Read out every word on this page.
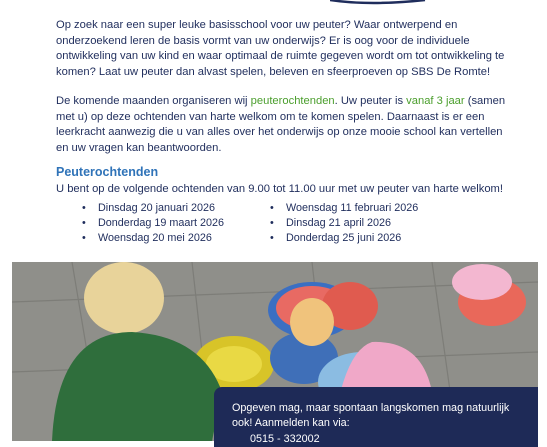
Op zoek naar een super leuke basisschool voor uw peuter? Waar ontwerpend en onderzoekend leren de basis vormt van uw onderwijs? Er is oog voor de individuele ontwikkeling van uw kind en waar optimaal de ruimte gegeven wordt om tot ontwikkeling te komen? Laat uw peuter dan alvast spelen, beleven en sfeerproeven op SBS De Romte!

De komende maanden organiseren wij peuterochtenden. Uw peuter is vanaf 3 jaar (samen met u) op deze ochtenden van harte welkom om te komen spelen. Daarnaast is er een leerkracht aanwezig die u van alles over het onderwijs op onze mooie school kan vertellen en uw vragen kan beantwoorden.

Peuterochtenden

U bent op de volgende ochtenden van 9.00 tot 11.00 uur met uw peuter van harte welkom!

• Dinsdag 20 januari 2026
• Donderdag 19 maart 2026
• Woensdag 20 mei 2026
• Woensdag 11 februari 2026
• Dinsdag 21 april 2026
• Donderdag 25 juni 2026

Opgeven mag, maar spontaan langskomen mag natuurlijk ook! Aanmelden kan via:

0515 - 332002
